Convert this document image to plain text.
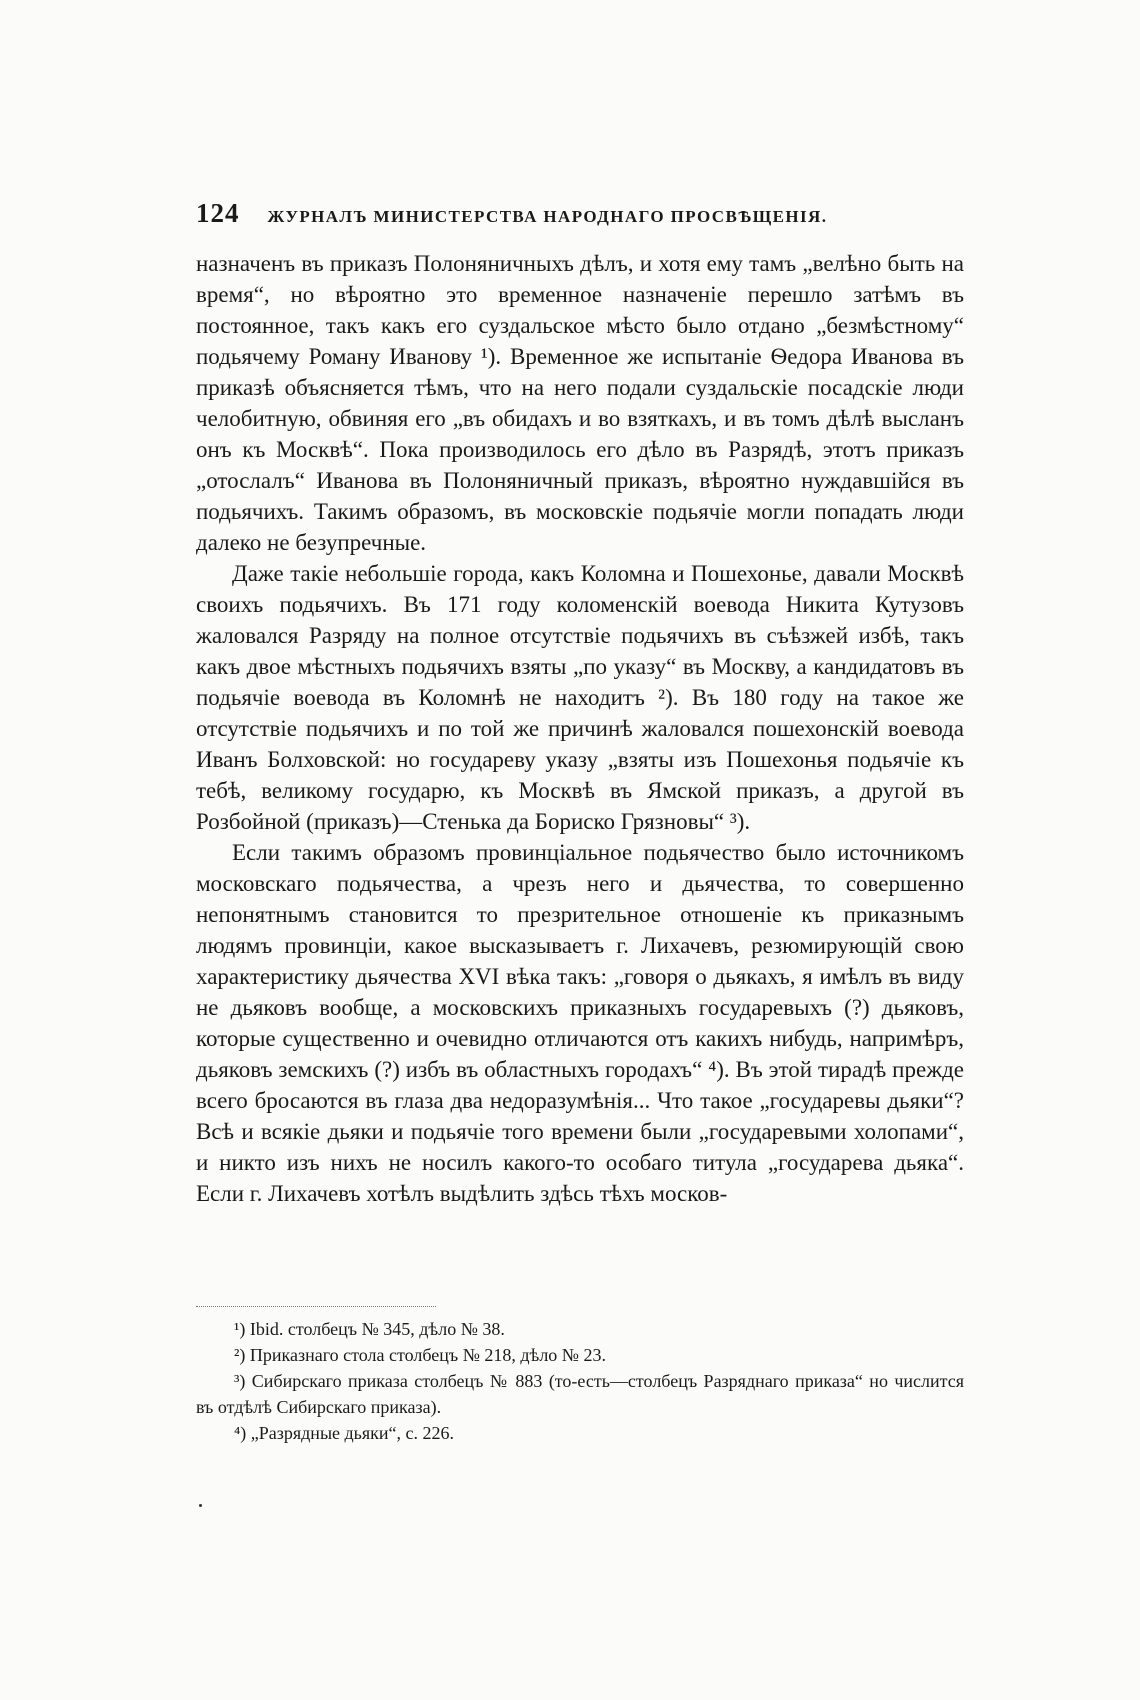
124 ЖУРНАЛЪ МИНИСТЕРСТВА НАРОДНАГО ПРОСВѢЩЕНІЯ.

назначенъ въ приказъ Полоняничныхъ дѣлъ, и хотя ему тамъ „велѣно быть на время“, но вѣроятно это временное назначеніе перешло затѣмъ въ постоянное, такъ какъ его суздальское мѣсто было отдано „безмѣстному“ подьячему Роману Иванову ¹). Временное же испытаніе Ѳедора Иванова въ приказѣ объясняется тѣмъ, что на него подали суздальскіе посадскіе люди челобитную, обвиняя его „въ обидахъ и во взяткахъ, и въ томъ дѣлѣ высланъ онъ къ Москвѣ“. Пока производилось его дѣло въ Разрядѣ, этотъ приказъ „отослалъ“ Иванова въ Полоняничный приказъ, вѣроятно нуждавшійся въ подьячихъ. Такимъ образомъ, въ московскіе подьячіе могли попадать люди далеко не безупречные.

Даже такіе небольшіе города, какъ Коломна и Пошехонье, давали Москвѣ своихъ подьячихъ. Въ 171 году коломенскій воевода Никита Кутузовъ жаловался Разряду на полное отсутствіе подьячихъ въ съѣзжей избѣ, такъ какъ двое мѣстныхъ подьячихъ взяты „по указу“ въ Москву, а кандидатовъ въ подьячіе воевода въ Коломнѣ не находитъ ²). Въ 180 году на такое же отсутствіе подьячихъ и по той же причинѣ жаловался пошехонскій воевода Иванъ Болховской: но государеву указу „взяты изъ Пошехонья подьячіе къ тебѣ, великому государю, къ Москвѣ въ Ямской приказъ, а другой въ Розбойной (приказъ)—Стенька да Бориско Грязновы“ ³).

Если такимъ образомъ провинціальное подьячество было источникомъ московскаго подьячества, а чрезъ него и дьячества, то совершенно непонятнымъ становится то презрительное отношеніе къ приказнымъ людямъ провинціи, какое высказываетъ г. Лихачевъ, резюмирующій свою характеристику дьячества XVI вѣка такъ: „говоря о дьякахъ, я имѣлъ въ виду не дьяковъ вообще, а московскихъ приказныхъ государевыхъ (?) дьяковъ, которые существенно и очевидно отличаются отъ какихъ нибудь, напримѣръ, дьяковъ земскихъ (?) избъ въ областныхъ городахъ“ ⁴). Въ этой тирадѣ прежде всего бросаются въ глаза два недоразумѣнія... Что такое „государевы дьяки“? Всѣ и всякіе дьяки и подьячіе того времени были „государевыми холопами“, и никто изъ нихъ не носилъ какого-то особаго титула „государева дьяка“. Если г. Лихачевъ хотѣлъ выдѣлить здѣсь тѣхъ москов-

¹) Ibid. столбецъ № 345, дѣло № 38.

²) Приказнаго стола столбецъ № 218, дѣло № 23.

³) Сибирскаго приказа столбецъ № 883 (то-есть—столбецъ Разряднаго приказа“ но числится въ отдѣлѣ Сибирскаго приказа).

⁴) „Разрядные дьяки“, с. 226.
